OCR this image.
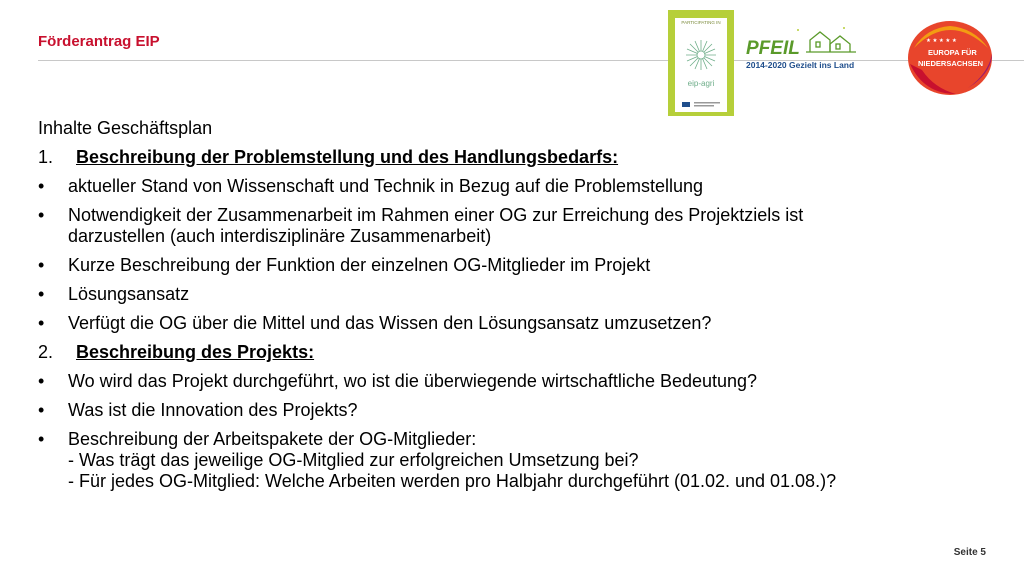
Förderantrag EIP
PARTICIPATING IN
eip-agri
PFEIL
2014-2020 Gezielt ins Land
★ ★ ★ ★ ★
EUROPA FÜR
NIEDERSACHSEN
Inhalte Geschäftsplan
1. Beschreibung der Problemstellung und des Handlungsbedarfs:
• aktueller Stand von Wissenschaft und Technik in Bezug auf die Problemstellung
• Notwendigkeit der Zusammenarbeit im Rahmen einer OG zur Erreichung des Projektziels ist
darzustellen (auch interdisziplinäre Zusammenarbeit)
• Kurze Beschreibung der Funktion der einzelnen OG-Mitglieder im Projekt
• Lösungsansatz
• Verfügt die OG über die Mittel und das Wissen den Lösungsansatz umzusetzen?
2. Beschreibung des Projekts:
• Wo wird das Projekt durchgeführt, wo ist die überwiegende wirtschaftliche Bedeutung?
• Was ist die Innovation des Projekts?
• Beschreibung der Arbeitspakete der OG-Mitglieder:
- Was trägt das jeweilige OG-Mitglied zur erfolgreichen Umsetzung bei?
- Für jedes OG-Mitglied: Welche Arbeiten werden pro Halbjahr durchgeführt (01.02. und 01.08.)?
Seite 5
